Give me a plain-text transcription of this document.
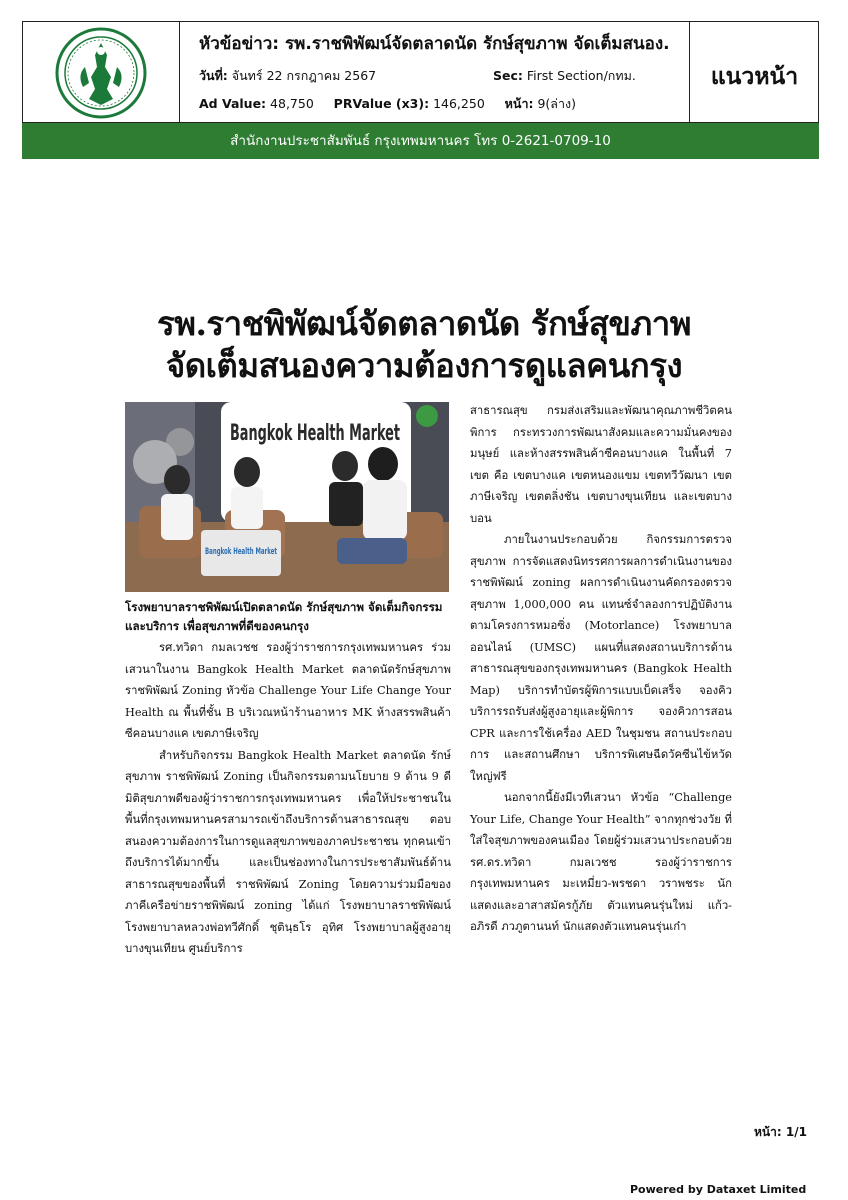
หัวข้อข่าว: รพ.ราชพิพัฒน์จัดตลาดนัด รักษ์สุขภาพ จัดเต็มสนอง.
วันที่: จันทร์ 22 กรกฎาคม 2567	Sec: First Section/กทม.
Ad Value: 48,750 PRValue (x3): 146,250 หน้า: 9(ล่าง)
แนวหน้า
สำนักงานประชาสัมพันธ์ กรุงเทพมหานคร โทร 0-2621-0709-10
รพ.ราชพิพัฒน์จัดตลาดนัด รักษ์สุขภาพ
จัดเต็มสนองความต้องการดูแลคนกรุง
Bangkok Health Market
Bangkok Health Market
โรงพยาบาลราชพิพัฒน์เปิดตลาดนัด รักษ์สุขภาพ จัดเต็มกิจกรรมและบริการ เพื่อสุขภาพที่ดีของคนกรุง

รศ.ทวิดา กมลเวชช รองผู้ว่าราชการกรุงเทพมหานคร ร่วมเสวนาในงาน Bangkok Health Market ตลาดนัดรักษ์สุขภาพ ราชพิพัฒน์ Zoning หัวข้อ Challenge Your Life Change Your Health ณ พื้นที่ชั้น B บริเวณหน้าร้านอาหาร MK ห้างสรรพสินค้าซีคอนบางแค เขตภาษีเจริญ

สำหรับกิจกรรม Bangkok Health Market ตลาดนัด รักษ์สุขภาพ ราชพิพัฒน์ Zoning เป็นกิจกรรมตามนโยบาย 9 ด้าน 9 ดี มิติสุขภาพดีของผู้ว่าราชการกรุงเทพมหานคร เพื่อให้ประชาชนในพื้นที่กรุงเทพมหานครสามารถเข้าถึงบริการด้านสาธารณสุข ตอบสนองความต้องการในการดูแลสุขภาพของภาคประชาชน ทุกคนเข้าถึงบริการได้มากขึ้น และเป็นช่องทางในการประชาสัมพันธ์ด้านสาธารณสุขของพื้นที่ ราชพิพัฒน์ Zoning โดยความร่วมมือของภาคีเครือข่ายราชพิพัฒน์ zoning ได้แก่ โรงพยาบาลราชพิพัฒน์ โรงพยาบาลหลวงพ่อทวีศักดิ์ ชุตินฺธโร อุทิศ โรงพยาบาลผู้สูงอายุบางขุนเทียน ศูนย์บริการ

สาธารณสุข กรมส่งเสริมและพัฒนาคุณภาพชีวิตคนพิการ กระทรวงการพัฒนาสังคมและความมั่นคงของมนุษย์ และห้างสรรพสินค้าซีคอนบางแค ในพื้นที่ 7 เขต คือ เขตบางแค เขตหนองแขม เขตทวีวัฒนา เขตภาษีเจริญ เขตตลิ่งชัน เขตบางขุนเทียน และเขตบางบอน

ภายในงานประกอบด้วย กิจกรรมการตรวจสุขภาพ การจัดแสดงนิทรรศการผลการดำเนินงานของ ราชพิพัฒน์ zoning ผลการดำเนินงานคัดกรองตรวจสุขภาพ 1,000,000 คน แทนซ์จำลองการปฏิบัติงานตามโครงการหมอซิ่ง (Motorlance) โรงพยาบาลออนไลน์ (UMSC) แผนที่แสดงสถานบริการด้านสาธารณสุขของกรุงเทพมหานคร (Bangkok Health Map) บริการทำบัตรผู้พิการแบบเบ็ดเสร็จ จองคิวบริการรถรับส่งผู้สูงอายุและผู้พิการ จองคิวการสอน CPR และการใช้เครื่อง AED ในชุมชน สถานประกอบการ และสถานศึกษา บริการพิเศษฉีดวัคซีนไข้หวัดใหญ่ฟรี

นอกจากนี้ยังมีเวทีเสวนา หัวข้อ “Challenge Your Life, Change Your Health” จากทุกช่วงวัย ที่ใส่ใจสุขภาพของคนเมือง โดยผู้ร่วมเสวนาประกอบด้วย รศ.ดร.ทวิดา กมลเวชช รองผู้ว่าราชการกรุงเทพมหานคร มะเหมี่ยว-พรชดา วราพชระ นักแสดงและอาสาสมัครกู้ภัย ตัวแทนคนรุ่นใหม่ แก้ว-อภิรดี ภวภูตานนท์ นักแสดงตัวแทนคนรุ่นเก๋า

หน้า: 1/1
Powered by Dataxet Limited
